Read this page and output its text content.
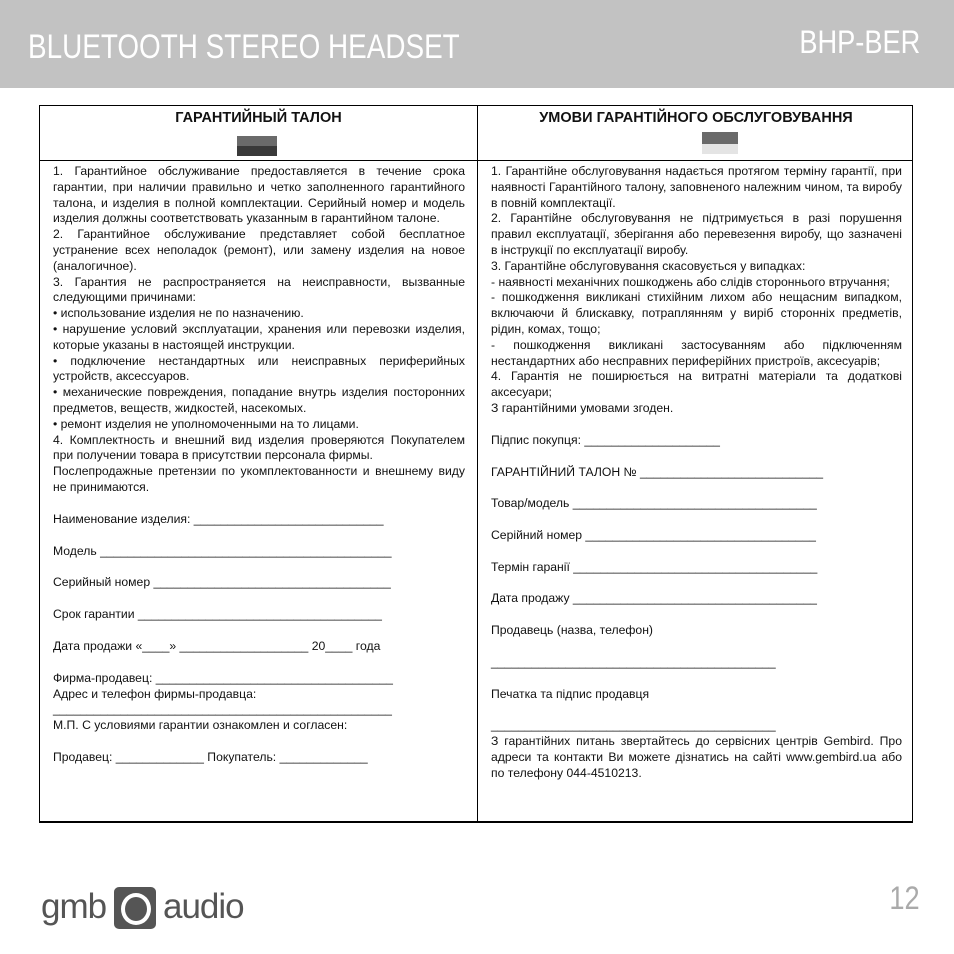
BLUETOOTH STEREO HEADSET	BHP-BER
ГАРАНТИЙНЫЙ ТАЛОН	УМОВИ ГАРАНТІЙНОГО ОБСЛУГОВУВАННЯ

1. Гарантийное обслуживание предоставляется в течение срока гарантии, при наличии правильно и четко заполненного гарантийного талона, и изделия в полной комплектации. Серийный номер и модель изделия должны соответствовать указанным в гарантийном талоне.

2. Гарантийное обслуживание представляет собой бесплатное устранение всех неполадок (ремонт), или замену изделия на новое (аналогичное).

3. Гарантия не распространяется на неисправности, вызванные следующими причинами:

• использование изделия не по назначению.

• нарушение условий эксплуатации, хранения или перевозки изделия, которые указаны в настоящей инструкции.

• подключение нестандартных или неисправных периферийных устройств, аксессуаров.

• механические повреждения, попадание внутрь изделия посторонних предметов, веществ, жидкостей, насекомых.

• ремонт изделия не уполномоченными на то лицами.

4. Комплектность и внешний вид изделия проверяются Покупателем при получении товара в присутствии персонала фирмы.

Послепродажные претензии по укомплектованности и внешнему виду не принимаются.

Наименование изделия: ____________________________

Модель ___________________________________________

Серийный номер ___________________________________

Срок гарантии ____________________________________

Дата продажи «____» ___________________ 20____ года

Фирма-продавец: ___________________________________

Адрес и телефон фирмы-продавца:

__________________________________________________

М.П. С условиями гарантии ознакомлен и согласен:

Продавец: _____________ Покупатель: _____________

1. Гарантійне обслуговування надається протягом терміну гарантії, при наявності Гарантійного талону, заповненого належним чином, та виробу в повній комплектації.

2. Гарантійне обслуговування не підтримується в разі порушення правил експлуатації, зберігання або перевезення виробу, що зазначені в інструкції по експлуатації виробу.

3. Гарантійне обслуговування скасовується у випадках:

- наявності механічних пошкоджень або слідів стороннього втручання;

- пошкодження викликані стихійним лихом або нещасним випадком, включаючи й блискавку, потраплянням у виріб сторонніх предметів, рідин, комах, тощо;

- пошкодження викликані застосуванням або підключенням нестандартних або несправних периферійних пристроїв, аксесуарів;

4. Гарантія не поширюється на витратні матеріали та додаткові аксесуари;

З гарантійними умовами згоден.

Підпис покупця: ____________________

ГАРАНТІЙНИЙ ТАЛОН № ___________________________

Товар/модель ____________________________________

Серійний номер __________________________________

Термін гаранії ____________________________________

Дата продажу ____________________________________

Продавець (назва, телефон)

__________________________________________

Печатка та підпис продавця

__________________________________________

З гарантійних питань звертайтесь до сервісних центрів Gembird. Про адреси та контакти Ви можете дізнатись на сайті www.gembird.ua або по телефону 044-4510213.

gmb audio	12
